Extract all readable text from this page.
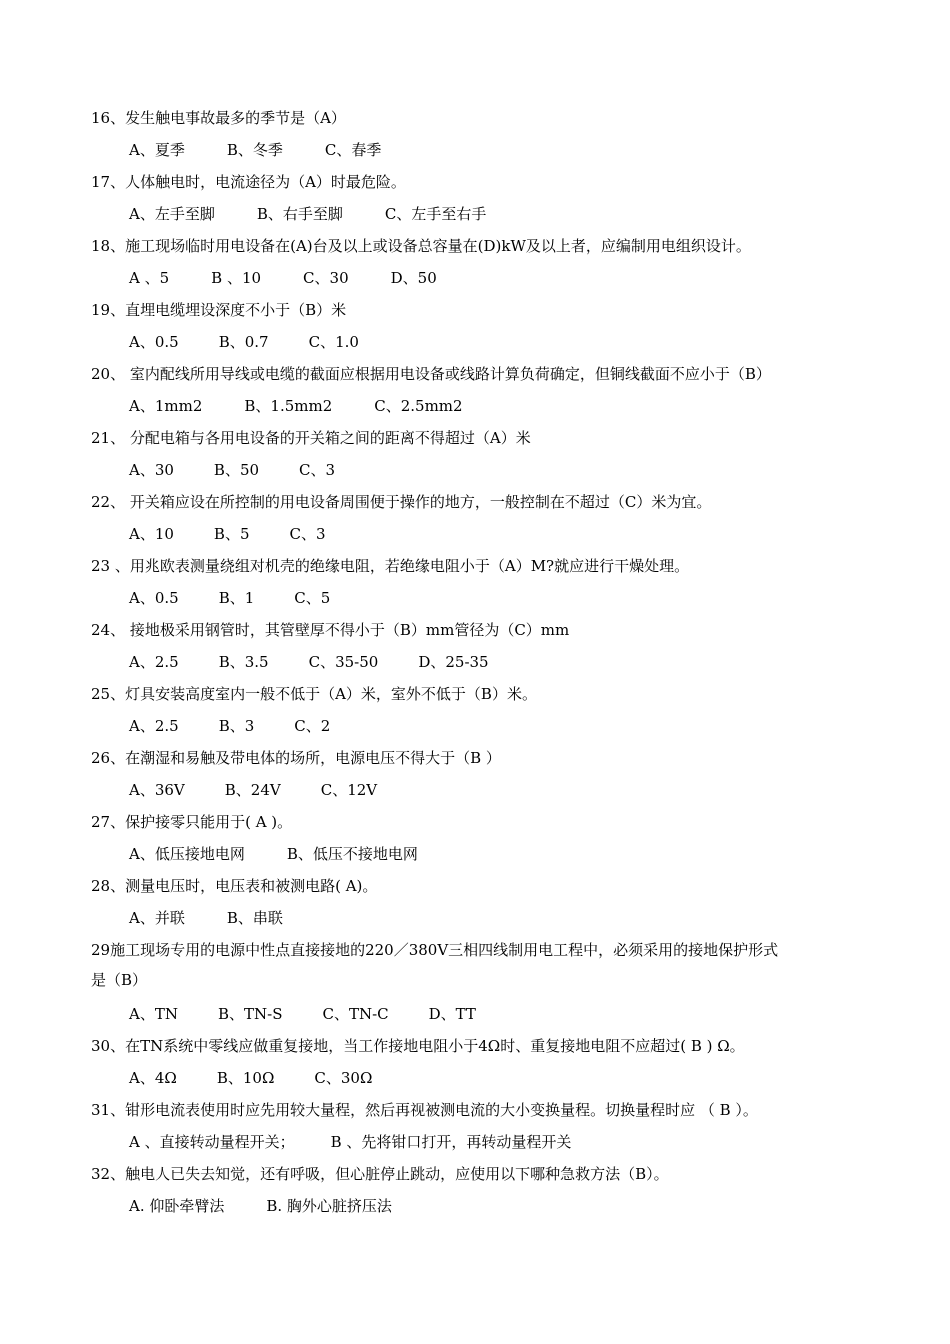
16、发生触电事故最多的季节是（A）
A、夏季	B、冬季	C、春季
17、人体触电时，电流途径为（A）时最危险。
A、左手至脚	B、右手至脚	C、左手至右手
18、施工现场临时用电设备在(A)台及以上或设备总容量在(D)kW及以上者，应编制用电组织设计。
A 、5	B 、10	C、30	D、50
19、直埋电缆埋设深度不小于（B）米
A、0.5	B、0.7	C、1.0
20、 室内配线所用导线或电缆的截面应根据用电设备或线路计算负荷确定，但铜线截面不应小于（B）
A、1mm2	B、1.5mm2	C、2.5mm2
21、 分配电箱与各用电设备的开关箱之间的距离不得超过（A）米
A、30	B、50	C、3
22、 开关箱应设在所控制的用电设备周围便于操作的地方，一般控制在不超过（C）米为宜。
A、10	B、5	C、3
23 、用兆欧表测量绕组对机壳的绝缘电阻，若绝缘电阻小于（A）M?就应进行干燥处理。
A、0.5	B、1	C、5
24、 接地极采用钢管时，其管壁厚不得小于（B）mm管径为（C）mm
A、2.5	B、3.5	C、35-50	D、25-35
25、灯具安装高度室内一般不低于（A）米，室外不低于（B）米。
A、2.5	B、3	C、2
26、在潮湿和易触及带电体的场所，电源电压不得大于（B ）
A、36V	B、24V	C、12V
27、保护接零只能用于( A )。
A、低压接地电网	B、低压不接地电网
28、测量电压时，电压表和被测电路( A)。
A、并联	B、串联
29施工现场专用的电源中性点直接接地的220／380V三相四线制用电工程中，必须采用的接地保护形式
是（B）
A、TN	B、TN-S	C、TN-C	D、TT
30、在TN系统中零线应做重复接地，当工作接地电阻小于4Ω时、重复接地电阻不应超过( B ) Ω。
A、4Ω	B、10Ω	C、30Ω
31、钳形电流表使用时应先用较大量程，然后再视被测电流的大小变换量程。切换量程时应 （ B ）。
A 、直接转动量程开关； B 、先将钳口打开，再转动量程开关
32、触电人已失去知觉，还有呼吸，但心脏停止跳动，应使用以下哪种急救方法（B）。
A. 仰卧牵臂法	B. 胸外心脏挤压法
